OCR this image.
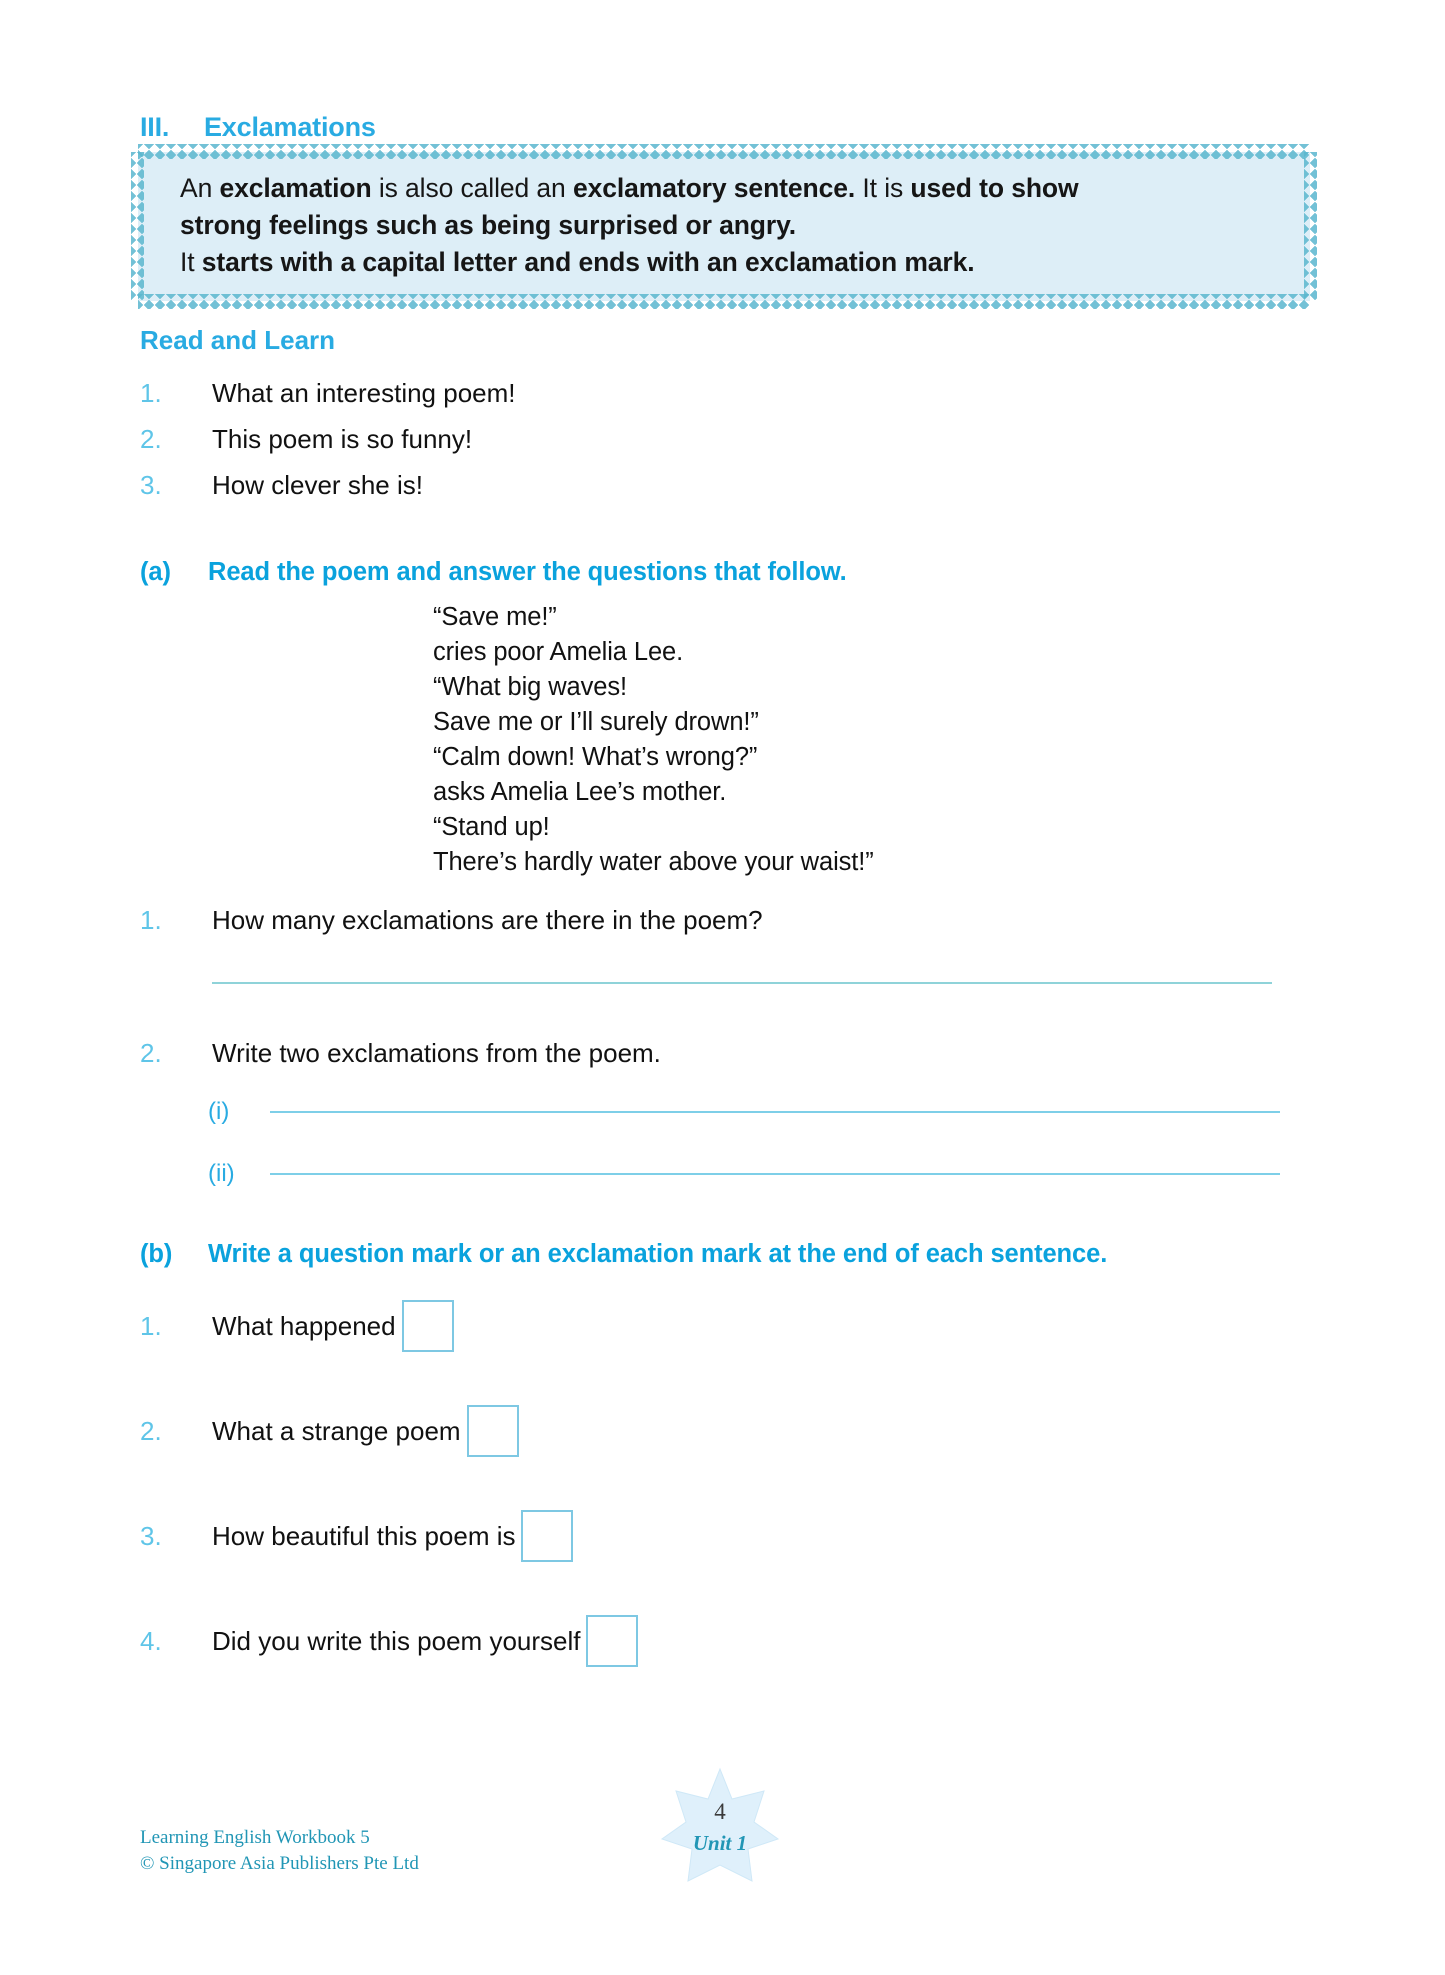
III.	Exclamations
An exclamation is also called an exclamatory sentence. It is used to show
strong feelings such as being surprised or angry.
It starts with a capital letter and ends with an exclamation mark.
Read and Learn
1.	What an interesting poem!
2.	This poem is so funny!
3.	How clever she is!
(a)	Read the poem and answer the questions that follow.
“Save me!”
cries poor Amelia Lee.
“What big waves!
Save me or I’ll surely drown!”
“Calm down! What’s wrong?”
asks Amelia Lee’s mother.
“Stand up!
There’s hardly water above your waist!”
1.	How many exclamations are there in the poem?
2.	Write two exclamations from the poem.
(i)
(ii)
(b)	Write a question mark or an exclamation mark at the end of each sentence.
1.	What happened
2.	What a strange poem
3.	How beautiful this poem is
4.	Did you write this poem yourself
Learning English Workbook 5
© Singapore Asia Publishers Pte Ltd
4
Unit 1
